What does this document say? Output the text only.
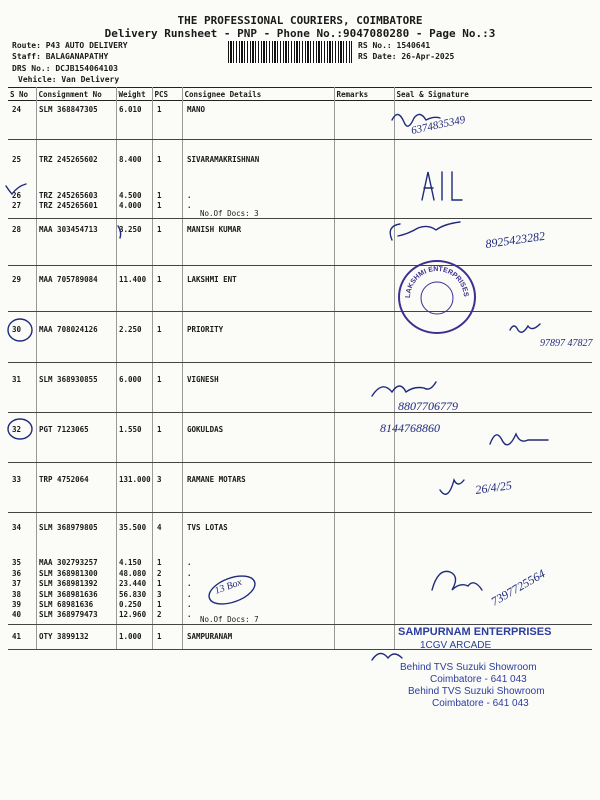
THE PROFESSIONAL COURIERS, COIMBATORE
Delivery Runsheet - PNP - Phone No.:9047080280 - Page No.:3
Route: P43 AUTO DELIVERY
Staff: BALAGANAPATHY
DRS No.: DCJB154064103
Vehicle: Van Delivery
RS No.: 1540641
RS Date: 26-Apr-2025
S No	Consignment No	Weight	PCS	Consignee Details	Remarks	Seal & Signature
24 SLM 368847305	6.010 1	MANO
25 TRZ 245265602	8.400 1	SIVARAMAKRISHNAN
26 TRZ 245265603	4.500 1	.
27 TRZ 245265601	4.000 1	.
28 MAA 303454713	3.250 1	MANISH KUMAR
29 MAA 705789084	11.400 1	LAKSHMI ENT
30 MAA 708024126	2.250 1	PRIORITY
31 SLM 368930855	6.000 1	VIGNESH
32 PGT 7123065	1.550 1	GOKULDAS
33 TRP 4752064	131.000 3	RAMANE MOTARS
34 SLM 368979805	35.500 4	TVS LOTAS
35 MAA 302793257	4.150 1	.
36 SLM 368981300	48.080 2	.
37 SLM 368981392	23.440 1	.
38 SLM 368981636	56.830 3	.
39 SLM 68981636	0.250 1	.
40 SLM 368979473	12.960 2	.
41 OTY 3899132	1.000 1	SAMPURANAM
No.Of Docs: 3
No.Of Docs: 7
6374835349
8925423282
97897 47827
8807706779
8144768860
26/4/25
13 Box	7397725564
All
LAKSHMI ENTERPRISES
SAMPURNAM ENTERPRISES
1CGV ARCADE
Behind TVS Suzuki Showroom
Coimbatore - 641 043
Behind TVS Suzuki Showroom
Coimbatore - 641 043
